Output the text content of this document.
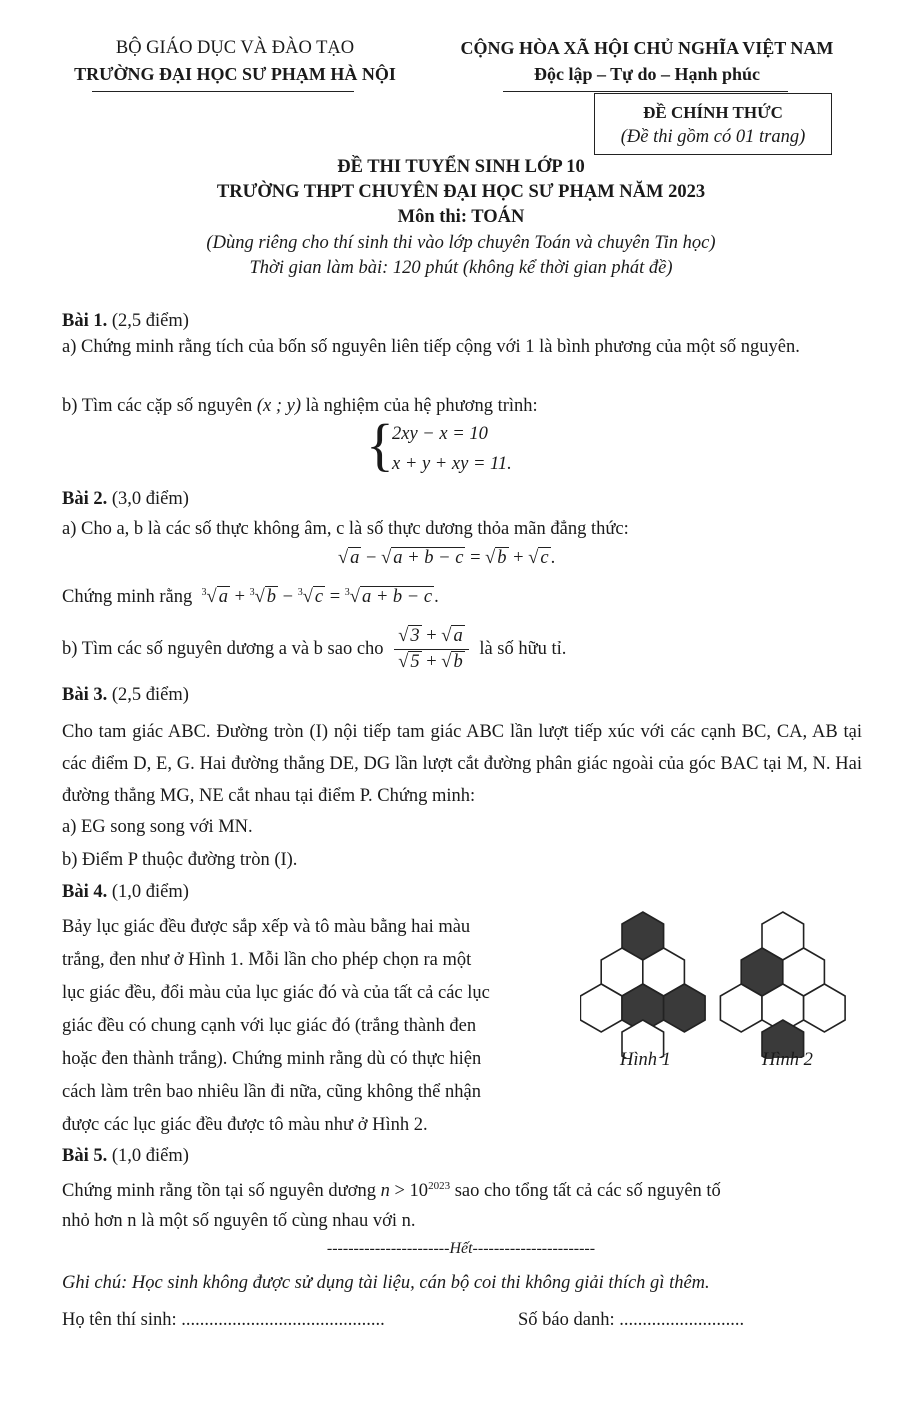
BỘ GIÁO DỤC VÀ ĐÀO TẠO
TRƯỜNG ĐẠI HỌC SƯ PHẠM HÀ NỘI
CỘNG HÒA XÃ HỘI CHỦ NGHĨA VIỆT NAM
Độc lập – Tự do – Hạnh phúc
ĐỀ CHÍNH THỨC
(Đề thi gồm có 01 trang)
ĐỀ THI TUYỂN SINH LỚP 10
TRƯỜNG THPT CHUYÊN ĐẠI HỌC SƯ PHẠM NĂM 2023
Môn thi: TOÁN
(Dùng riêng cho thí sinh thi vào lớp chuyên Toán và chuyên Tin học)
Thời gian làm bài: 120 phút (không kể thời gian phát đề)
Bài 1. (2,5 điểm)
a) Chứng minh rằng tích của bốn số nguyên liên tiếp cộng với 1 là bình phương của một số nguyên.
b) Tìm các cặp số nguyên (x ; y) là nghiệm của hệ phương trình:
{
2xy − x = 10
x + y + xy = 11.
Bài 2. (3,0 điểm)
a) Cho a, b là các số thực không âm, c là số thực dương thỏa mãn đẳng thức:
√ a − √ a + b − c = √ b + √ c .
Chứng minh rằng $^3$√ a + $^3$√ b − $^3$√ c = $^3$√ a + b − c .
b) Tìm các số nguyên dương a và b sao cho $\frac{√ 3 + √ a}{√ 5 + √ b}$ là số hữu tỉ.
Bài 3. (2,5 điểm)
Cho tam giác ABC. Đường tròn (I) nội tiếp tam giác ABC lần lượt tiếp xúc với các cạnh BC, CA, AB tại các điểm D, E, G. Hai đường thẳng DE, DG lần lượt cắt đường phân giác ngoài của góc BAC tại M, N. Hai đường thẳng MG, NE cắt nhau tại điểm P. Chứng minh:
a) EG song song với MN.
b) Điểm P thuộc đường tròn (I).
Bài 4. (1,0 điểm)
Bảy lục giác đều được sắp xếp và tô màu bằng hai màu
trắng, đen như ở Hình 1. Mỗi lần cho phép chọn ra một
lục giác đều, đổi màu của lục giác đó và của tất cả các lục
giác đều có chung cạnh với lục giác đó (trắng thành đen
hoặc đen thành trắng). Chứng minh rằng dù có thực hiện
cách làm trên bao nhiêu lần đi nữa, cũng không thể nhận
được các lục giác đều được tô màu như ở Hình 2.
Hình 1	Hình 2
Bài 5. (1,0 điểm)
Chứng minh rằng tồn tại số nguyên dương $n > 10^{2023}$ sao cho tổng tất cả các số nguyên tố
nhỏ hơn n là một số nguyên tố cùng nhau với n.
-----------------------Hết-----------------------
Ghi chú: Học sinh không được sử dụng tài liệu, cán bộ coi thi không giải thích gì thêm.
Họ tên thí sinh: ............................................	Số báo danh: ...........................
